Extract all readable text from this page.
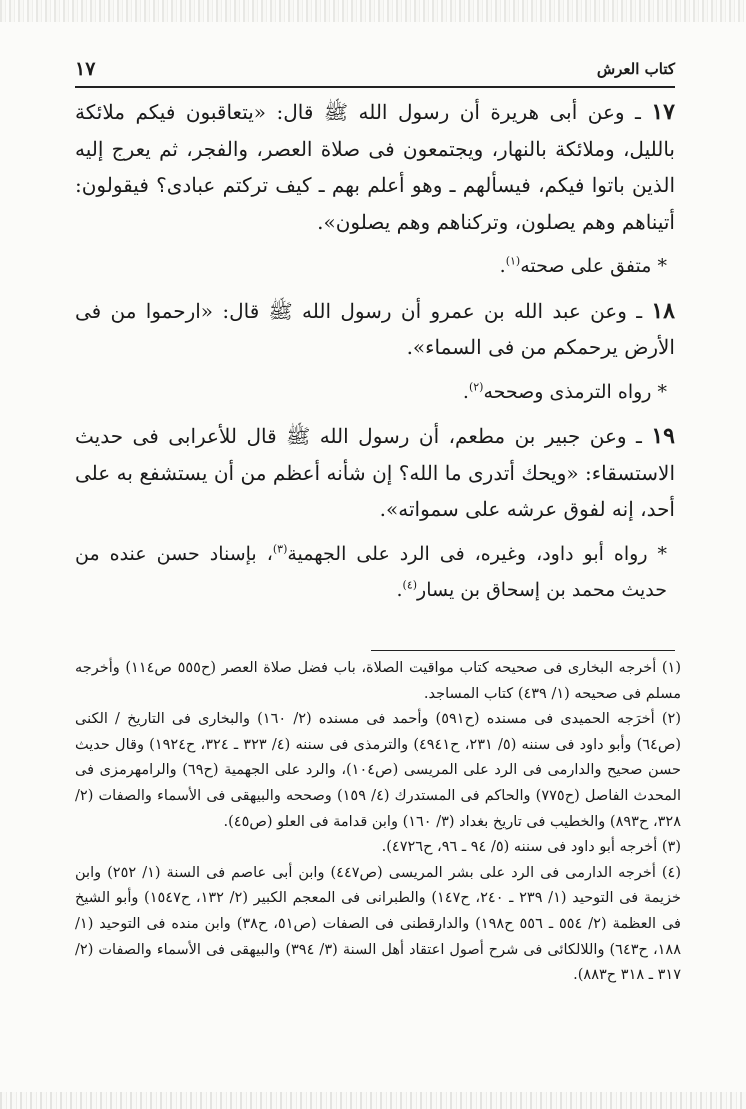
كتاب العرش
١٧

١٧ ـ وعن أبى هريرة أن رسول الله ﷺ قال: «يتعاقبون فيكم ملائكة بالليل، وملائكة بالنهار، ويجتمعون فى صلاة العصر، والفجر، ثم يعرج إليه الذين باتوا فيكم، فيسألهم ـ وهو أعلم بهم ـ كيف تركتم عبادى؟ فيقولون: أتيناهم وهم يصلون، وتركناهم وهم يصلون».

* متفق على صحته$^{(١)}$.

١٨ ـ وعن عبد الله بن عمرو أن رسول الله ﷺ قال: «ارحموا من فى الأرض يرحمكم من فى السماء».

* رواه الترمذى وصححه$^{(٢)}$.

١٩ ـ وعن جبير بن مطعم، أن رسول الله ﷺ قال للأعرابى فى حديث الاستسقاء: «ويحك أتدرى ما الله؟ إن شأنه أعظم من أن يستشفع به على أحد، إنه لفوق عرشه على سمواته».

* رواه أبو داود، وغيره، فى الرد على الجهمية$^{(٣)}$، بإسناد حسن عنده من حديث محمد بن إسحاق بن يسار$^{(٤)}$.

(١) أخرجه البخارى فى صحيحه كتاب مواقيت الصلاة، باب فضل صلاة العصر (ح٥٥٥ ص١١٤) وأخرجه مسلم فى صحيحه (١/ ٤٣٩) كتاب المساجد.

(٢) أخرَجه الحميدى فى مسنده (ح٥٩١) وأحمد فى مسنده (٢/ ١٦٠) والبخارى فى التاريخ / الكنى (ص٦٤) وأبو داود فى سننه (٥/ ٢٣١، ح٤٩٤١) والترمذى فى سننه (٤/ ٣٢٣ ـ ٣٢٤، ح١٩٢٤) وقال حديث حسن صحيح والدارمى فى الرد على المريسى (ص١٠٤)، والرد على الجهمية (ح٦٩) والرامهرمزى فى المحدث الفاصل (ح٧٧٥) والحاكم فى المستدرك (٤/ ١٥٩) وصححه والبيهقى فى الأسماء والصفات (٢/ ٣٢٨، ح٨٩٣) والخطيب فى تاريخ بغداد (٣/ ١٦٠) وابن قدامة فى العلو (ص٤٥).

(٣) أخرجه أبو داود فى سننه (٥/ ٩٤ ـ ٩٦، ح٤٧٢٦).

(٤) أخرجه الدارمى فى الرد على بشر المريسى (ص٤٤٧) وابن أبى عاصم فى السنة (١/ ٢٥٢) وابن خزيمة فى التوحيد (١/ ٢٣٩ ـ ٢٤٠، ح١٤٧) والطبرانى فى المعجم الكبير (٢/ ١٣٢، ح١٥٤٧) وأبو الشيخ فى العظمة (٢/ ٥٥٤ ـ ٥٥٦ ح١٩٨) والدارقطنى فى الصفات (ص٥١، ح٣٨) وابن منده فى التوحيد (١/ ١٨٨، ح٦٤٣) واللالكائى فى شرح أصول اعتقاد أهل السنة (٣/ ٣٩٤) والبيهقى فى الأسماء والصفات (٢/ ٣١٧ ـ ٣١٨ ح٨٨٣).
